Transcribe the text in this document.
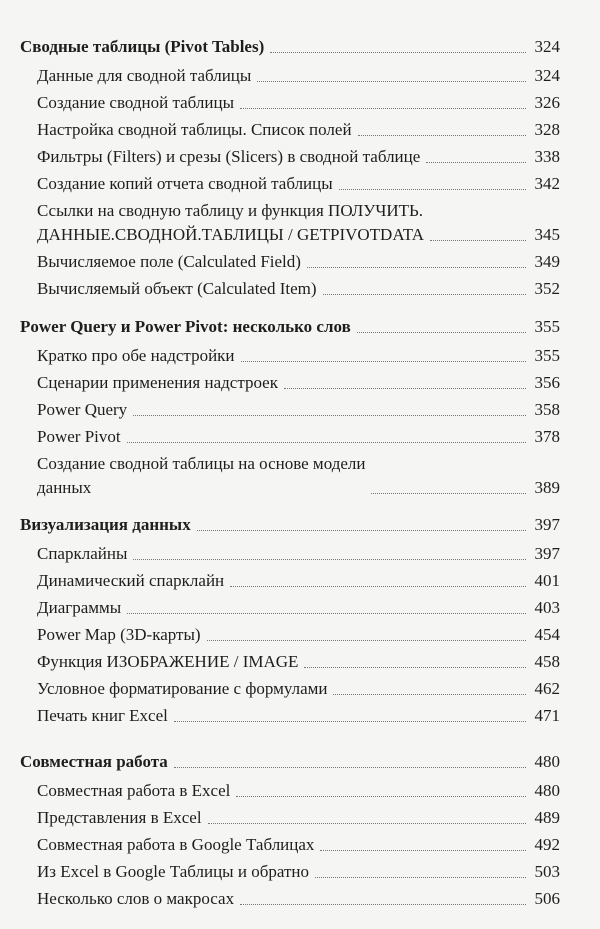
Сводные таблицы (Pivot Tables)	324
Данные для сводной таблицы	324
Создание сводной таблицы	326
Настройка сводной таблицы. Список полей	328
Фильтры (Filters) и срезы (Slicers) в сводной таблице	338
Создание копий отчета сводной таблицы	342
Ссылки на сводную таблицу и функция ПОЛУЧИТЬ.
ДАННЫЕ.СВОДНОЙ.ТАБЛИЦЫ / GETPIVOTDATA	345
Вычисляемое поле (Calculated Field)	349
Вычисляемый объект (Calculated Item)	352
Power Query и Power Pivot: несколько слов	355
Кратко про обе надстройки	355
Сценарии применения надстроек	356
Power Query	358
Power Pivot	378
Создание сводной таблицы на основе модели
данных	389
Визуализация данных	397
Спарклайны	397
Динамический спарклайн	401
Диаграммы	403
Power Map (3D-карты)	454
Функция ИЗОБРАЖЕНИЕ / IMAGE	458
Условное форматирование с формулами	462
Печать книг Excel	471
Совместная работа	480
Совместная работа в Excel	480
Представления в Excel	489
Совместная работа в Google Таблицах	492
Из Excel в Google Таблицы и обратно	503
Несколько слов о макросах	506
